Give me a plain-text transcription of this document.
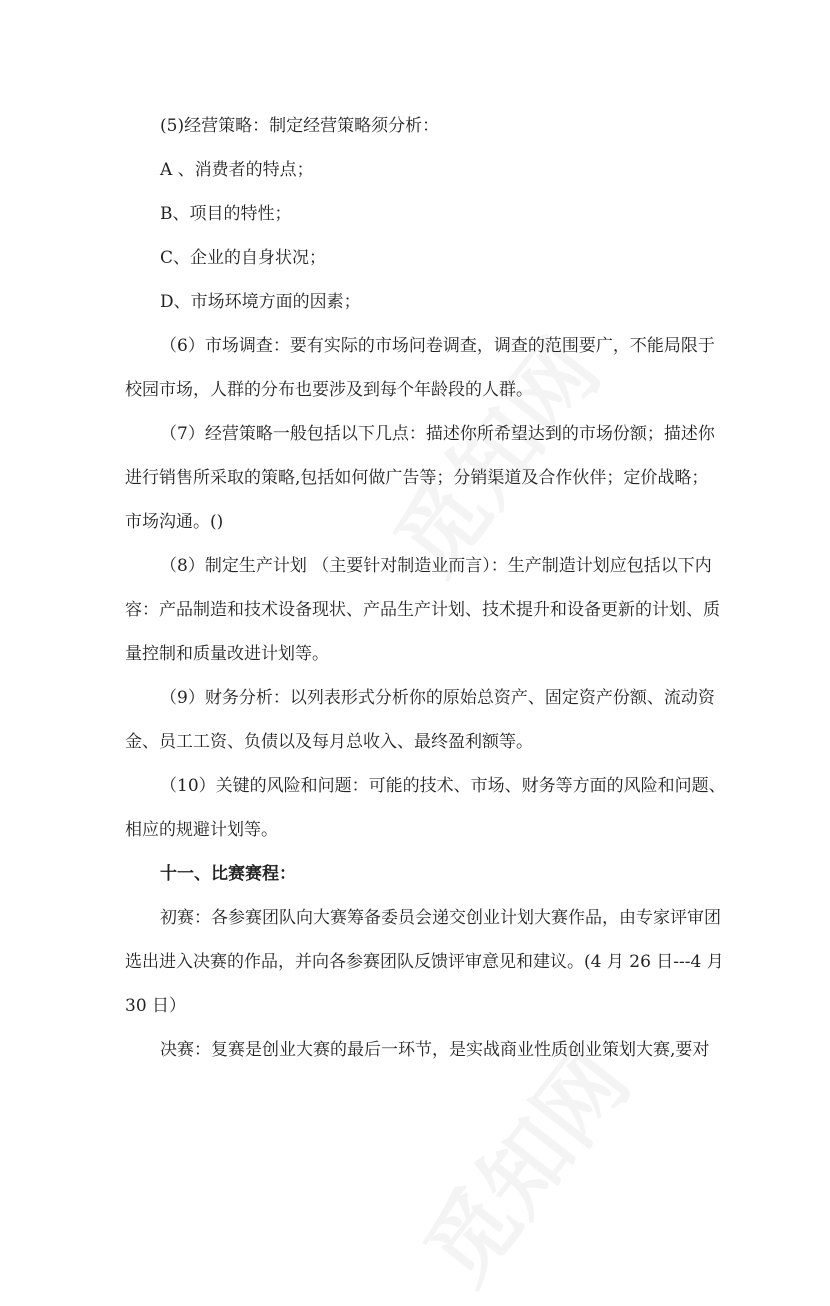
(5)经营策略：制定经营策略须分析：
A 、消费者的特点；
B、项目的特性；
C、企业的自身状况；
D、市场环境方面的因素；
（6）市场调查：要有实际的市场问卷调查，调查的范围要广，不能局限于
校园市场，人群的分布也要涉及到每个年龄段的人群。
（7）经营策略一般包括以下几点：描述你所希望达到的市场份额；描述你
进行销售所采取的策略,包括如何做广告等；分销渠道及合作伙伴；定价战略；
市场沟通。()
（8）制定生产计划 （主要针对制造业而言）：生产制造计划应包括以下内
容：产品制造和技术设备现状、产品生产计划、技术提升和设备更新的计划、质
量控制和质量改进计划等。
（9）财务分析：以列表形式分析你的原始总资产、固定资产份额、流动资
金、员工工资、负债以及每月总收入、最终盈利额等。
（10）关键的风险和问题：可能的技术、市场、财务等方面的风险和问题、
相应的规避计划等。
十一、比赛赛程：
初赛：各参赛团队向大赛筹备委员会递交创业计划大赛作品，由专家评审团
选出进入决赛的作品，并向各参赛团队反馈评审意见和建议。(4 月 26 日---4 月
30 日）
决赛：复赛是创业大赛的最后一环节，是实战商业性质创业策划大赛,要对
